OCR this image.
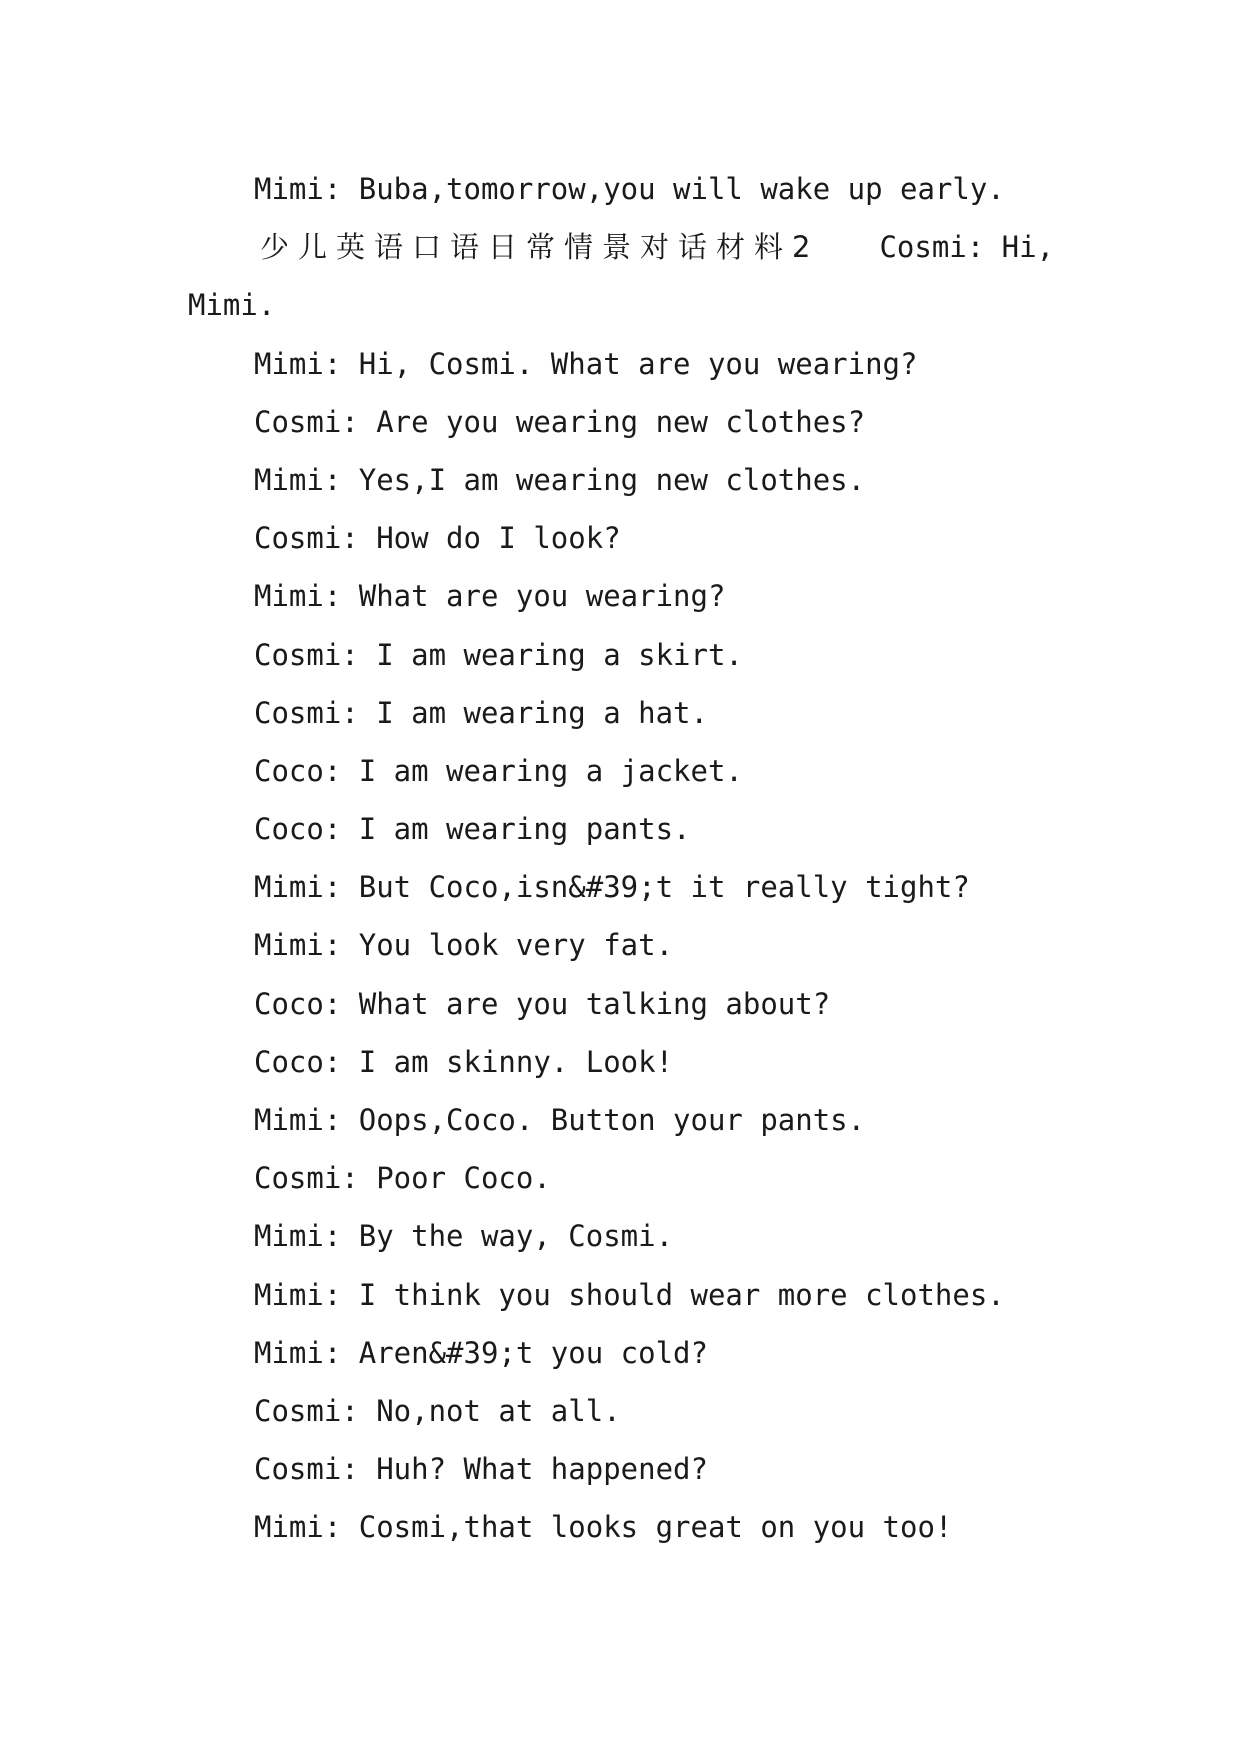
Mimi: Buba,tomorrow,you will wake up early.
少儿英语口语日常情景对话材料2 Cosmi: Hi,
Mimi.
Mimi: Hi, Cosmi. What are you wearing?
Cosmi: Are you wearing new clothes?
Mimi: Yes,I am wearing new clothes.
Cosmi: How do I look?
Mimi: What are you wearing?
Cosmi: I am wearing a skirt.
Cosmi: I am wearing a hat.
Coco: I am wearing a jacket.
Coco: I am wearing pants.
Mimi: But Coco,isn&#39;t it really tight?
Mimi: You look very fat.
Coco: What are you talking about?
Coco: I am skinny. Look!
Mimi: Oops,Coco. Button your pants.
Cosmi: Poor Coco.
Mimi: By the way, Cosmi.
Mimi: I think you should wear more clothes.
Mimi: Aren&#39;t you cold?
Cosmi: No,not at all.
Cosmi: Huh? What happened?
Mimi: Cosmi,that looks great on you too!
